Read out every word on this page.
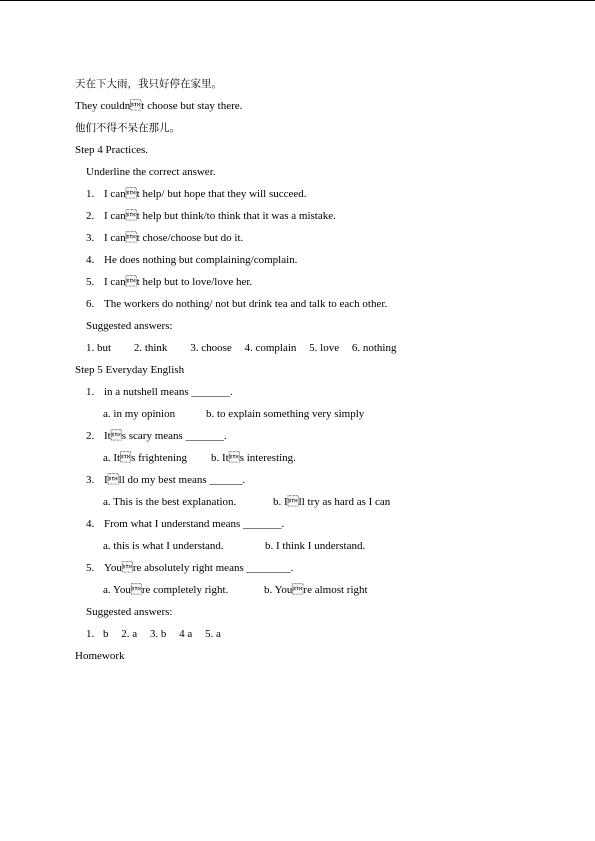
天在下大雨，我只好停在家里。
They couldnt choose but stay there.
他们不得不呆在那儿。
Step 4 Practices.
Underline the correct answer.
1. I cant help/ but hope that they will succeed.
2. I cant help but think/to think that it was a mistake.
3. I cant chose/choose but do it.
4. He does nothing but complaining/complain.
5. I cant help but to love/love her.
6. The workers do nothing/ not but drink tea and talk to each other.
Suggested answers:
1. but 2. think 3. choose 4. complain 5. love 6. nothing
Step 5 Everyday English
1. in a nutshell means _______.
a. in my opinion	b. to explain something very simply
2. Its scary means _______.
a. Its frightening b. Its interesting.
3. Ill do my best means ______.
a. This is the best explanation.	b. Ill try as hard as I can
4. From what I understand means _______.
a. this is what I understand.	b. I think I understand.
5. Youre absolutely right means ________.
a. Youre completely right.	b. Youre almost right
Suggested answers:
1. b 2. a 3. b 4 a 5. a
Homework
